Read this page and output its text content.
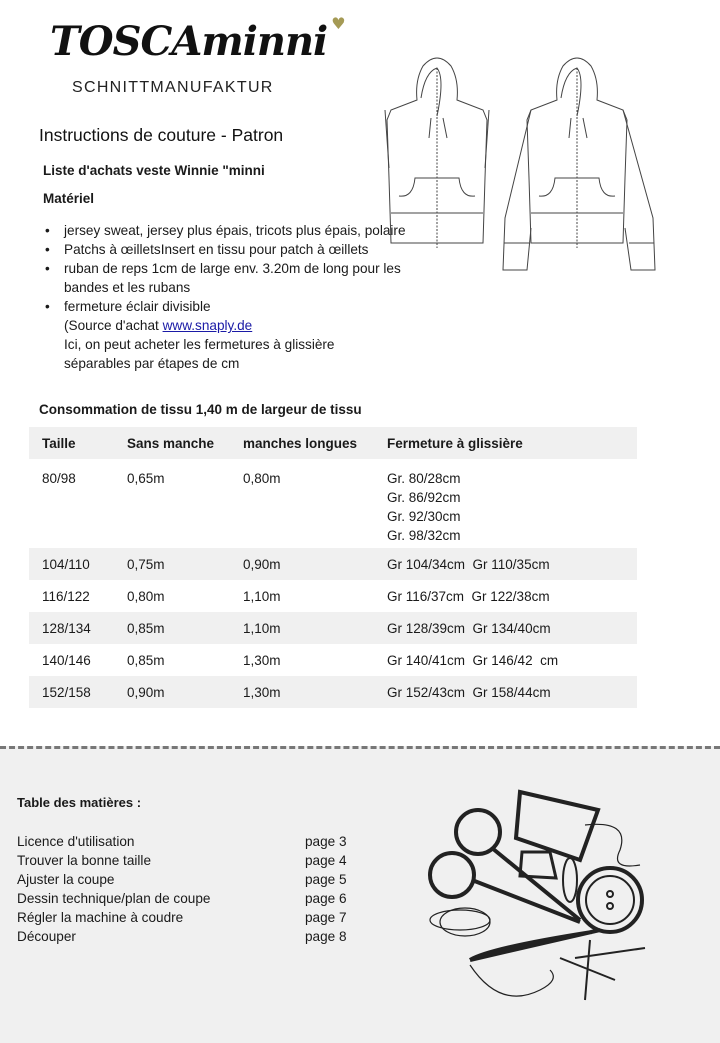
TOSCAminni ♥
SCHNITTMANUFAKTUR
Instructions de couture - Patron
Liste d'achats veste Winnie "minni
Matériel
• jersey sweat, jersey plus épais, tricots plus épais, polaire
• Patchs à œilletsInsert en tissu pour patch à œillets
• ruban de reps 1cm de large env. 3.20m de long pour les bandes et les rubans
• fermeture éclair divisible
(Source d'achat www.snaply.de
Ici, on peut acheter les fermetures à glissière
séparables par étapes de cm
Consommation de tissu 1,40 m de largeur de tissu
Taille	Sans manche	manches longues	Fermeture à glissière
80/98	0,65m	0,80m	Gr. 80/28cm
Gr. 86/92cm
Gr. 92/30cm
Gr. 98/32cm

104/110	0,75m	0,90m	Gr 104/34cm  Gr 110/35cm
116/122	0,80m	1,10m	Gr 116/37cm  Gr 122/38cm
128/134	0,85m	1,10m	Gr 128/39cm  Gr 134/40cm
140/146	0,85m	1,30m	Gr 140/41cm  Gr 146/42  cm
152/158	0,90m	1,30m	Gr 152/43cm  Gr 158/44cm
Table des matières :
Licence d'utilisation	page 3
Trouver la bonne taille	page 4
Ajuster la coupe	page 5
Dessin technique/plan de coupe	page 6
Régler la machine à coudre	page 7
Découper	page 8
